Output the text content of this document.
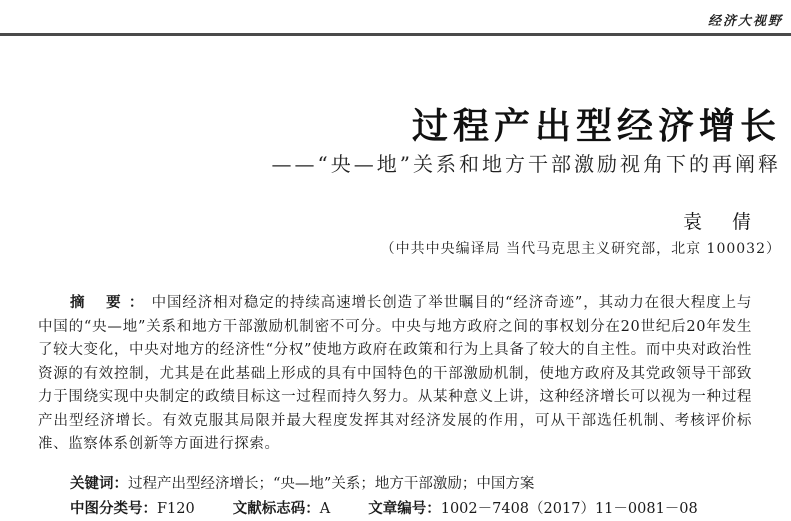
经济大视野
过程产出型经济增长
——“央—地”关系和地方干部激励视角下的再阐释
袁 倩
（中共中央编译局 当代马克思主义研究部，北京 100032）

摘 要：中国经济相对稳定的持续高速增长创造了举世瞩目的“经济奇迹”，其动力在很大程度上与中国的“央—地”关系和地方干部激励机制密不可分。中央与地方政府之间的事权划分在20世纪后20年发生了较大变化，中央对地方的经济性“分权”使地方政府在政策和行为上具备了较大的自主性。而中央对政治性资源的有效控制，尤其是在此基础上形成的具有中国特色的干部激励机制，使地方政府及其党政领导干部致力于围绕实现中央制定的政绩目标这一过程而持久努力。从某种意义上讲，这种经济增长可以视为一种过程产出型经济增长。有效克服其局限并最大程度发挥其对经济发展的作用，可从干部选任机制、考核评价标准、监察体系创新等方面进行探索。

关键词：过程产出型经济增长；“央—地”关系；地方干部激励；中国方案
中图分类号：F120	文献标志码：A	文章编号：1002－7408（2017）11－0081－08
